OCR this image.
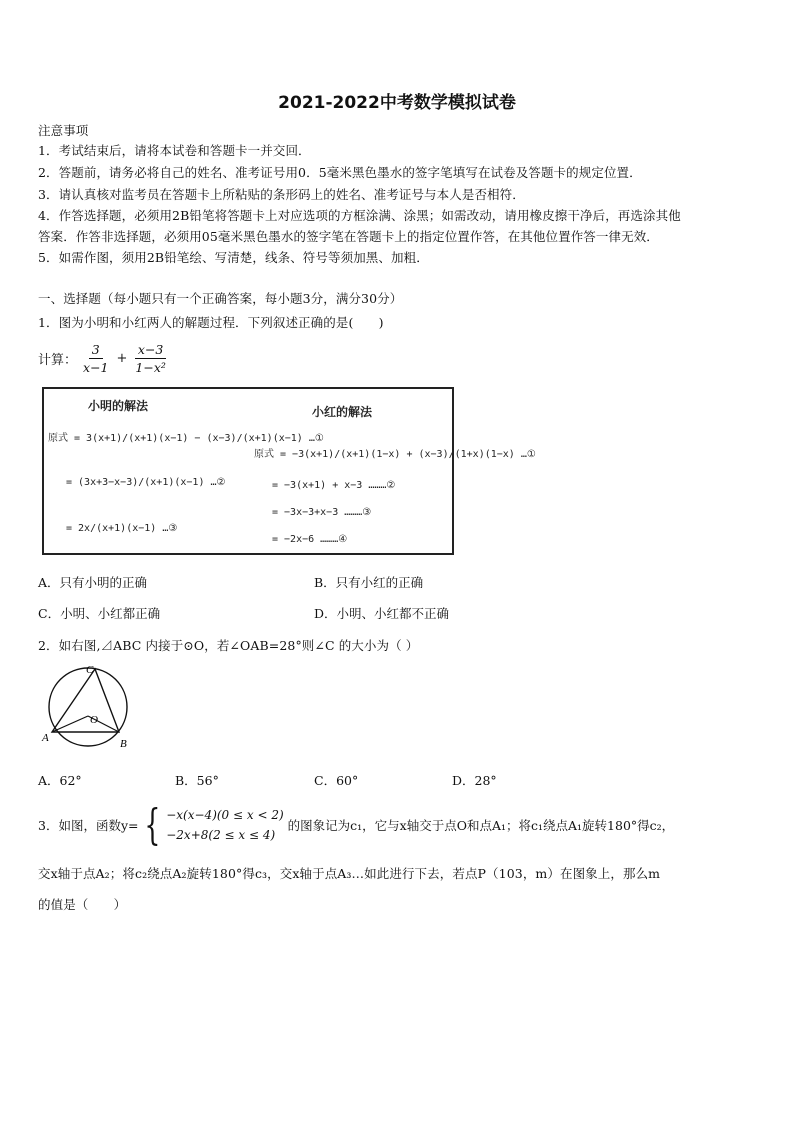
2021-2022中考数学模拟试卷
注意事项
1．考试结束后，请将本试卷和答题卡一并交回．
2．答题前，请务必将自己的姓名、准考证号用0．5毫米黑色墨水的签字笔填写在试卷及答题卡的规定位置．
3．请认真核对监考员在答题卡上所粘贴的条形码上的姓名、准考证号与本人是否相符．
4．作答选择题，必须用2B铅笔将答题卡上对应选项的方框涂满、涂黑；如需改动，请用橡皮擦干净后，再选涂其他
答案．作答非选择题，必须用05毫米黑色墨水的签字笔在答题卡上的指定位置作答，在其他位置作答一律无效．
5．如需作图，须用2B铅笔绘、写清楚，线条、符号等须加黑、加粗．
一、选择题（每小题只有一个正确答案，每小题3分，满分30分）
1．图为小明和小红两人的解题过程．下列叙述正确的是(　　)
计算： $\frac{3}{x-1} + \frac{x-3}{\text{1−x²}}$
小明的解法	小红的解法
原式 = 3(x+1)/(x+1)(x−1) − (x−3)/(x+1)(x−1) …①
= (3x+3−x−3)/(x+1)(x−1) …②
= 2x/(x+1)(x−1) …③
原式 = −3(x+1)/(x+1)(1−x) + (x−3)/(1+x)(1−x) …①
= −3(x+1) + x−3 ………②
= −3x−3+x−3 ………③
= −2x−6 ………④
A．只有小明的正确	B．只有小红的正确
C．小明、小红都正确	D．小明、小红都不正确
2．如右图,⊿ABC 内接于⊙O，若∠OAB=28°则∠C 的大小为（ ）
C
O
A	B
A．62°	B．56°	C．60°	D．28°
3．如图，函数y= { −x(x−4)(0 ≤ x < 2)
−2x+8(2 ≤ x ≤ 4)
的图象记为c₁，它与x轴交于点O和点A₁；将c₁绕点A₁旋转180°得c₂，
交x轴于点A₂；将c₂绕点A₂旋转180°得c₃，交x轴于点A₃…如此进行下去，若点P（103，m）在图象上，那么m
的值是（　　）
